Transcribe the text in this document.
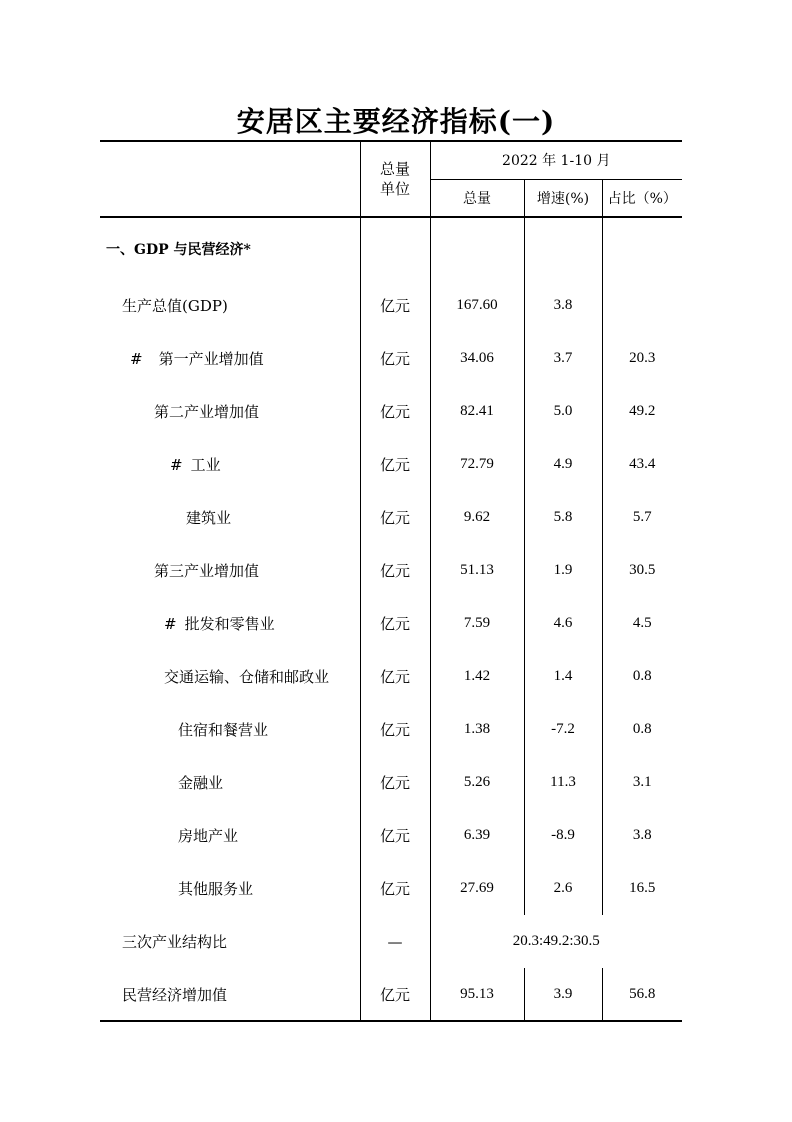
安居区主要经济指标(一)

	总量
单位	2022 年 1-10 月		
		总量	增速(%)	占比（%）
一、GDP 与民营经济*				
生产总值(GDP)	亿元	167.60	3.8	
# 第一产业增加值	亿元	34.06	3.7	20.3
第二产业增加值	亿元	82.41	5.0	49.2
# 工业	亿元	72.79	4.9	43.4
建筑业	亿元	9.62	5.8	5.7
第三产业增加值	亿元	51.13	1.9	30.5
# 批发和零售业	亿元	7.59	4.6	4.5
交通运输、仓储和邮政业	亿元	1.42	1.4	0.8
住宿和餐营业	亿元	1.38	-7.2	0.8
金融业	亿元	5.26	11.3	3.1
房地产业	亿元	6.39	-8.9	3.8
其他服务业	亿元	27.69	2.6	16.5
三次产业结构比	—	20.3:49.2:30.5		
民营经济增加值	亿元	95.13	3.9	56.8
